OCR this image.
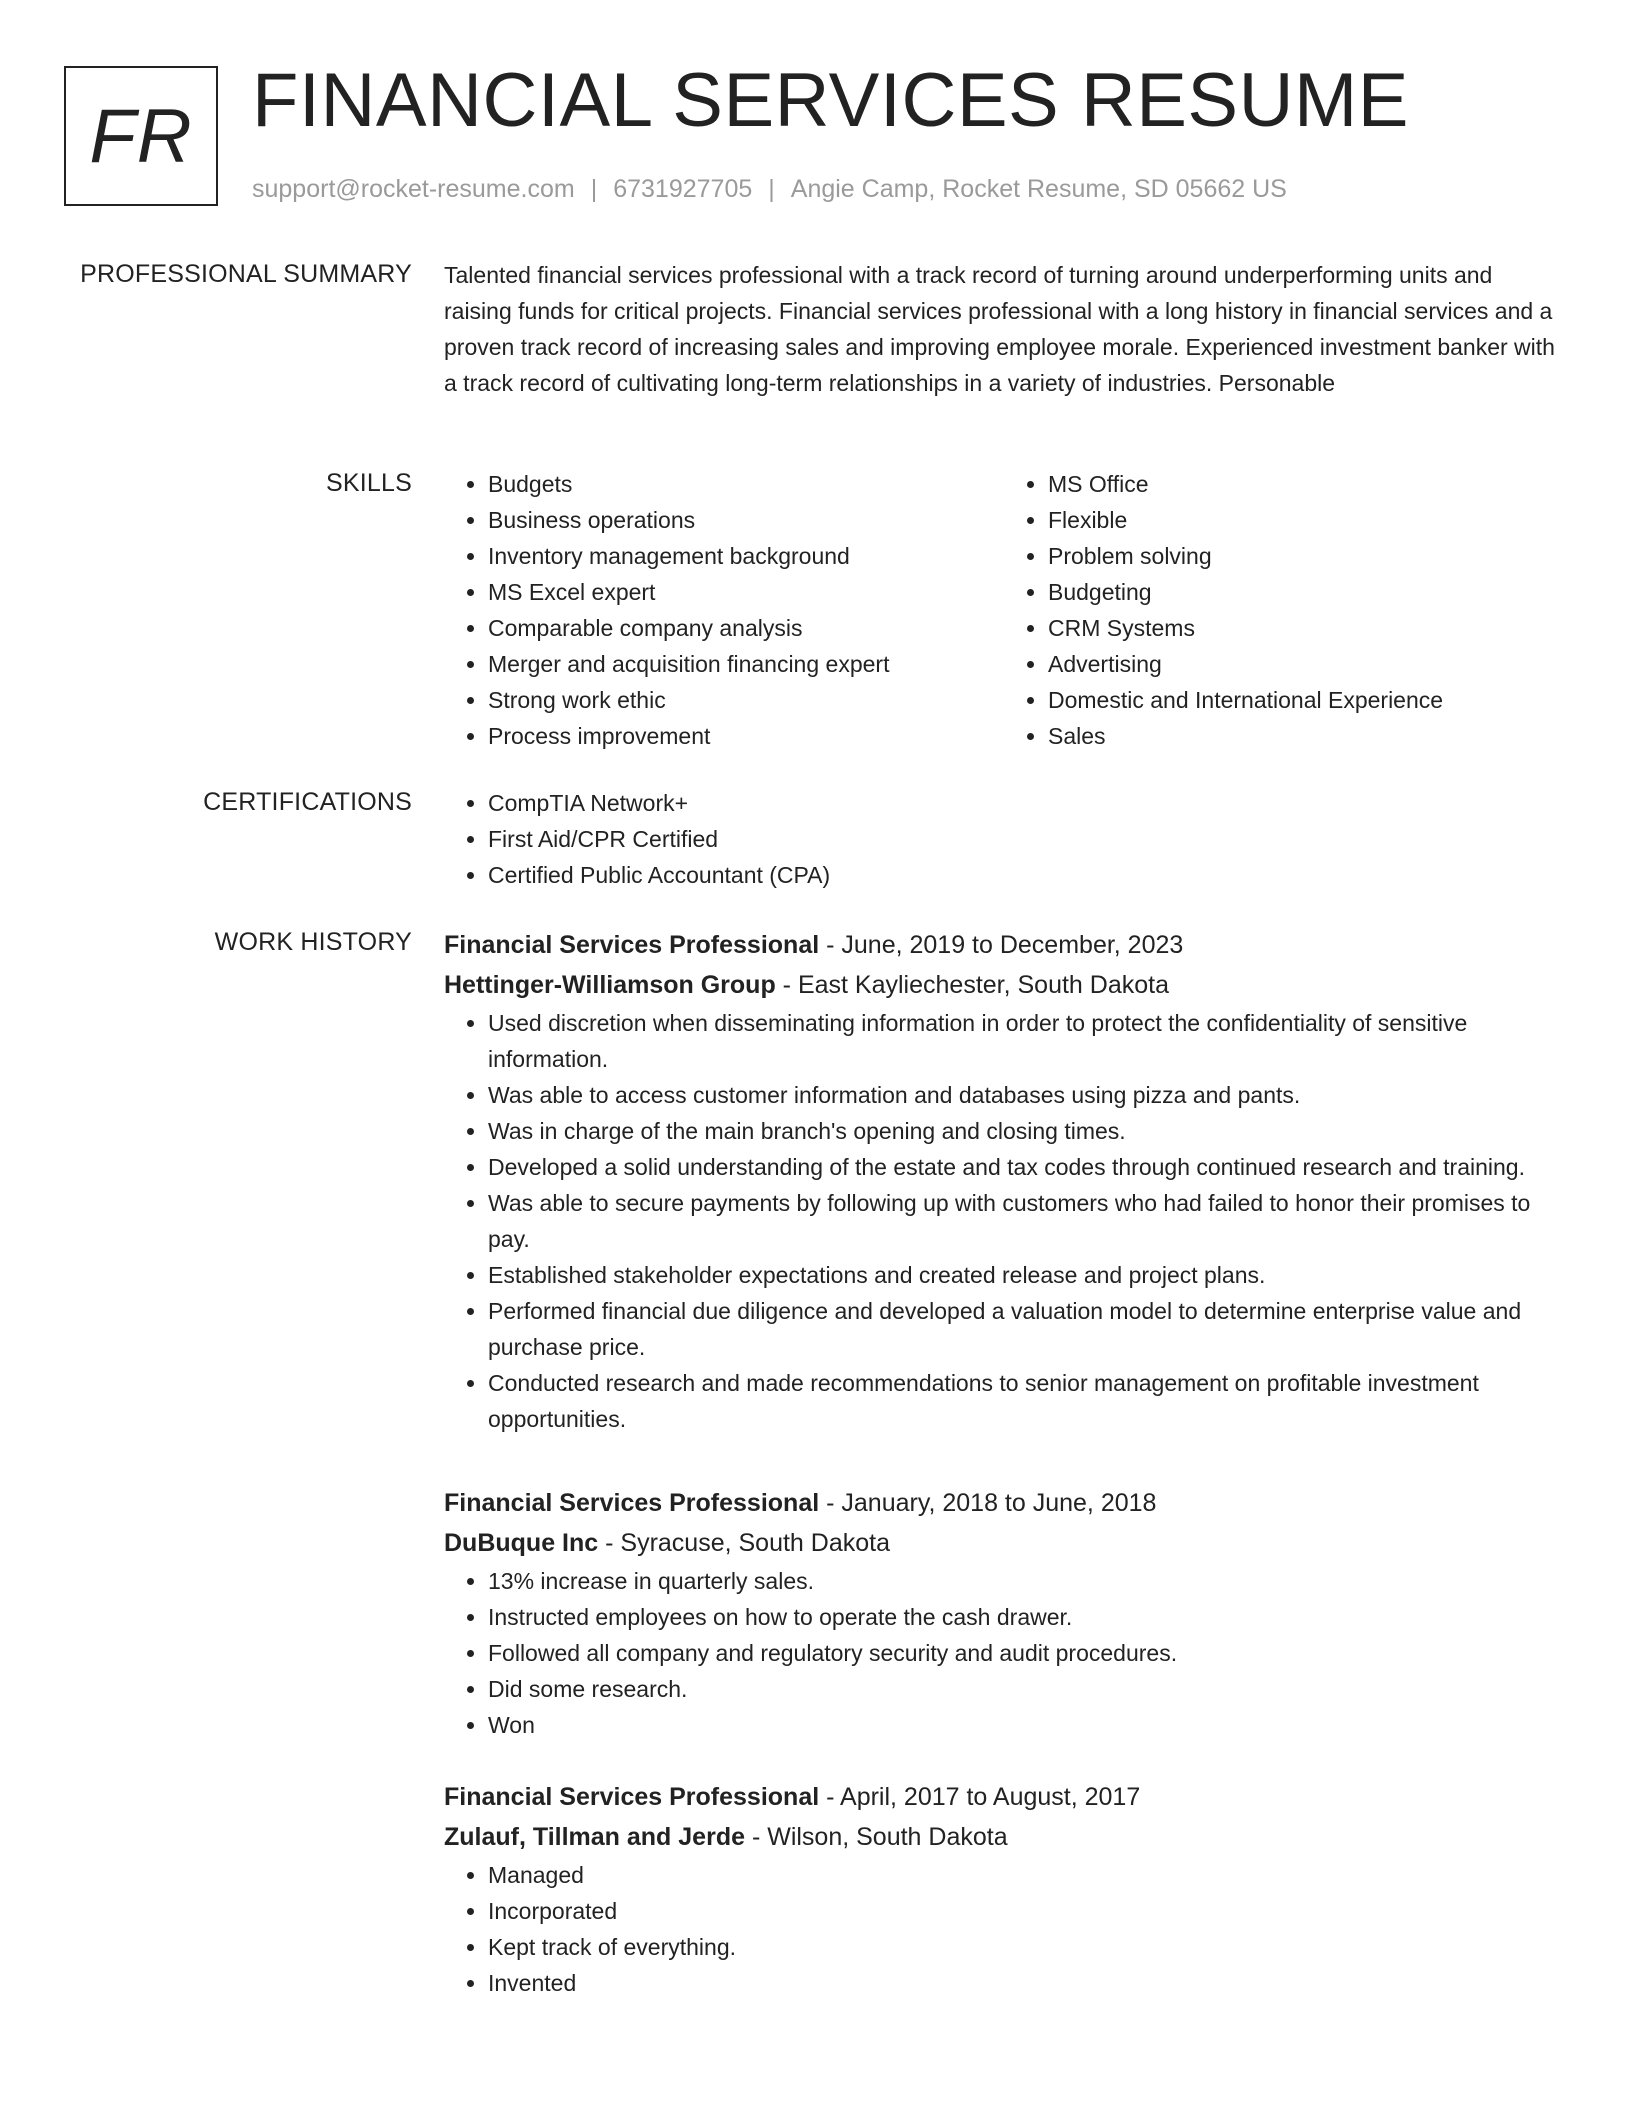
FR FINANCIAL SERVICES RESUME
support@rocket-resume.com | 6731927705 | Angie Camp, Rocket Resume, SD 05662 US
PROFESSIONAL SUMMARY Talented financial services professional with a track record of turning around underperforming units and raising funds for critical projects. Financial services professional with a long history in financial services and a proven track record of increasing sales and improving employee morale. Experienced investment banker with a track record of cultivating long-term relationships in a variety of industries. Personable

SKILLS	• Budgets
• Business operations
• Inventory management background
• MS Excel expert
• Comparable company analysis
• Merger and acquisition financing expert
• Strong work ethic
• Process improvement
• MS Office
• Flexible
• Problem solving
• Budgeting
• CRM Systems
• Advertising
• Domestic and International Experience
• Sales
CERTIFICATIONS	• CompTIA Network+
• First Aid/CPR Certified
• Certified Public Accountant (CPA)
WORK HISTORY Financial Services Professional - June, 2019 to December, 2023
Hettinger-Williamson Group - East Kayliechester, South Dakota
• Used discretion when disseminating information in order to protect the confidentiality of sensitive information.
• Was able to access customer information and databases using pizza and pants.
• Was in charge of the main branch's opening and closing times.
• Developed a solid understanding of the estate and tax codes through continued research and training.
• Was able to secure payments by following up with customers who had failed to honor their promises to pay.
• Established stakeholder expectations and created release and project plans.
• Performed financial due diligence and developed a valuation model to determine enterprise value and purchase price.
• Conducted research and made recommendations to senior management on profitable investment opportunities.
Financial Services Professional - January, 2018 to June, 2018
DuBuque Inc - Syracuse, South Dakota
• 13% increase in quarterly sales.
• Instructed employees on how to operate the cash drawer.
• Followed all company and regulatory security and audit procedures.
• Did some research.
• Won
Financial Services Professional - April, 2017 to August, 2017
Zulauf, Tillman and Jerde - Wilson, South Dakota
• Managed
• Incorporated
• Kept track of everything.
• Invented
